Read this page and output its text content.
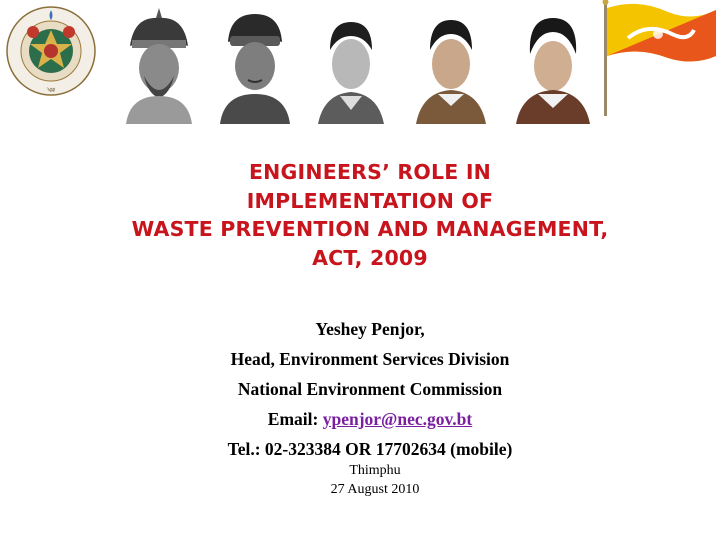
༄༅
ENGINEERS’ ROLE IN
IMPLEMENTATION OF
WASTE PREVENTION AND MANAGEMENT,
ACT, 2009
Yeshey Penjor,
Head, Environment Services Division
National Environment Commission
Email: ypenjor@nec.gov.bt
Tel.: 02-323384 OR 17702634 (mobile)
Thimphu
27 August 2010
